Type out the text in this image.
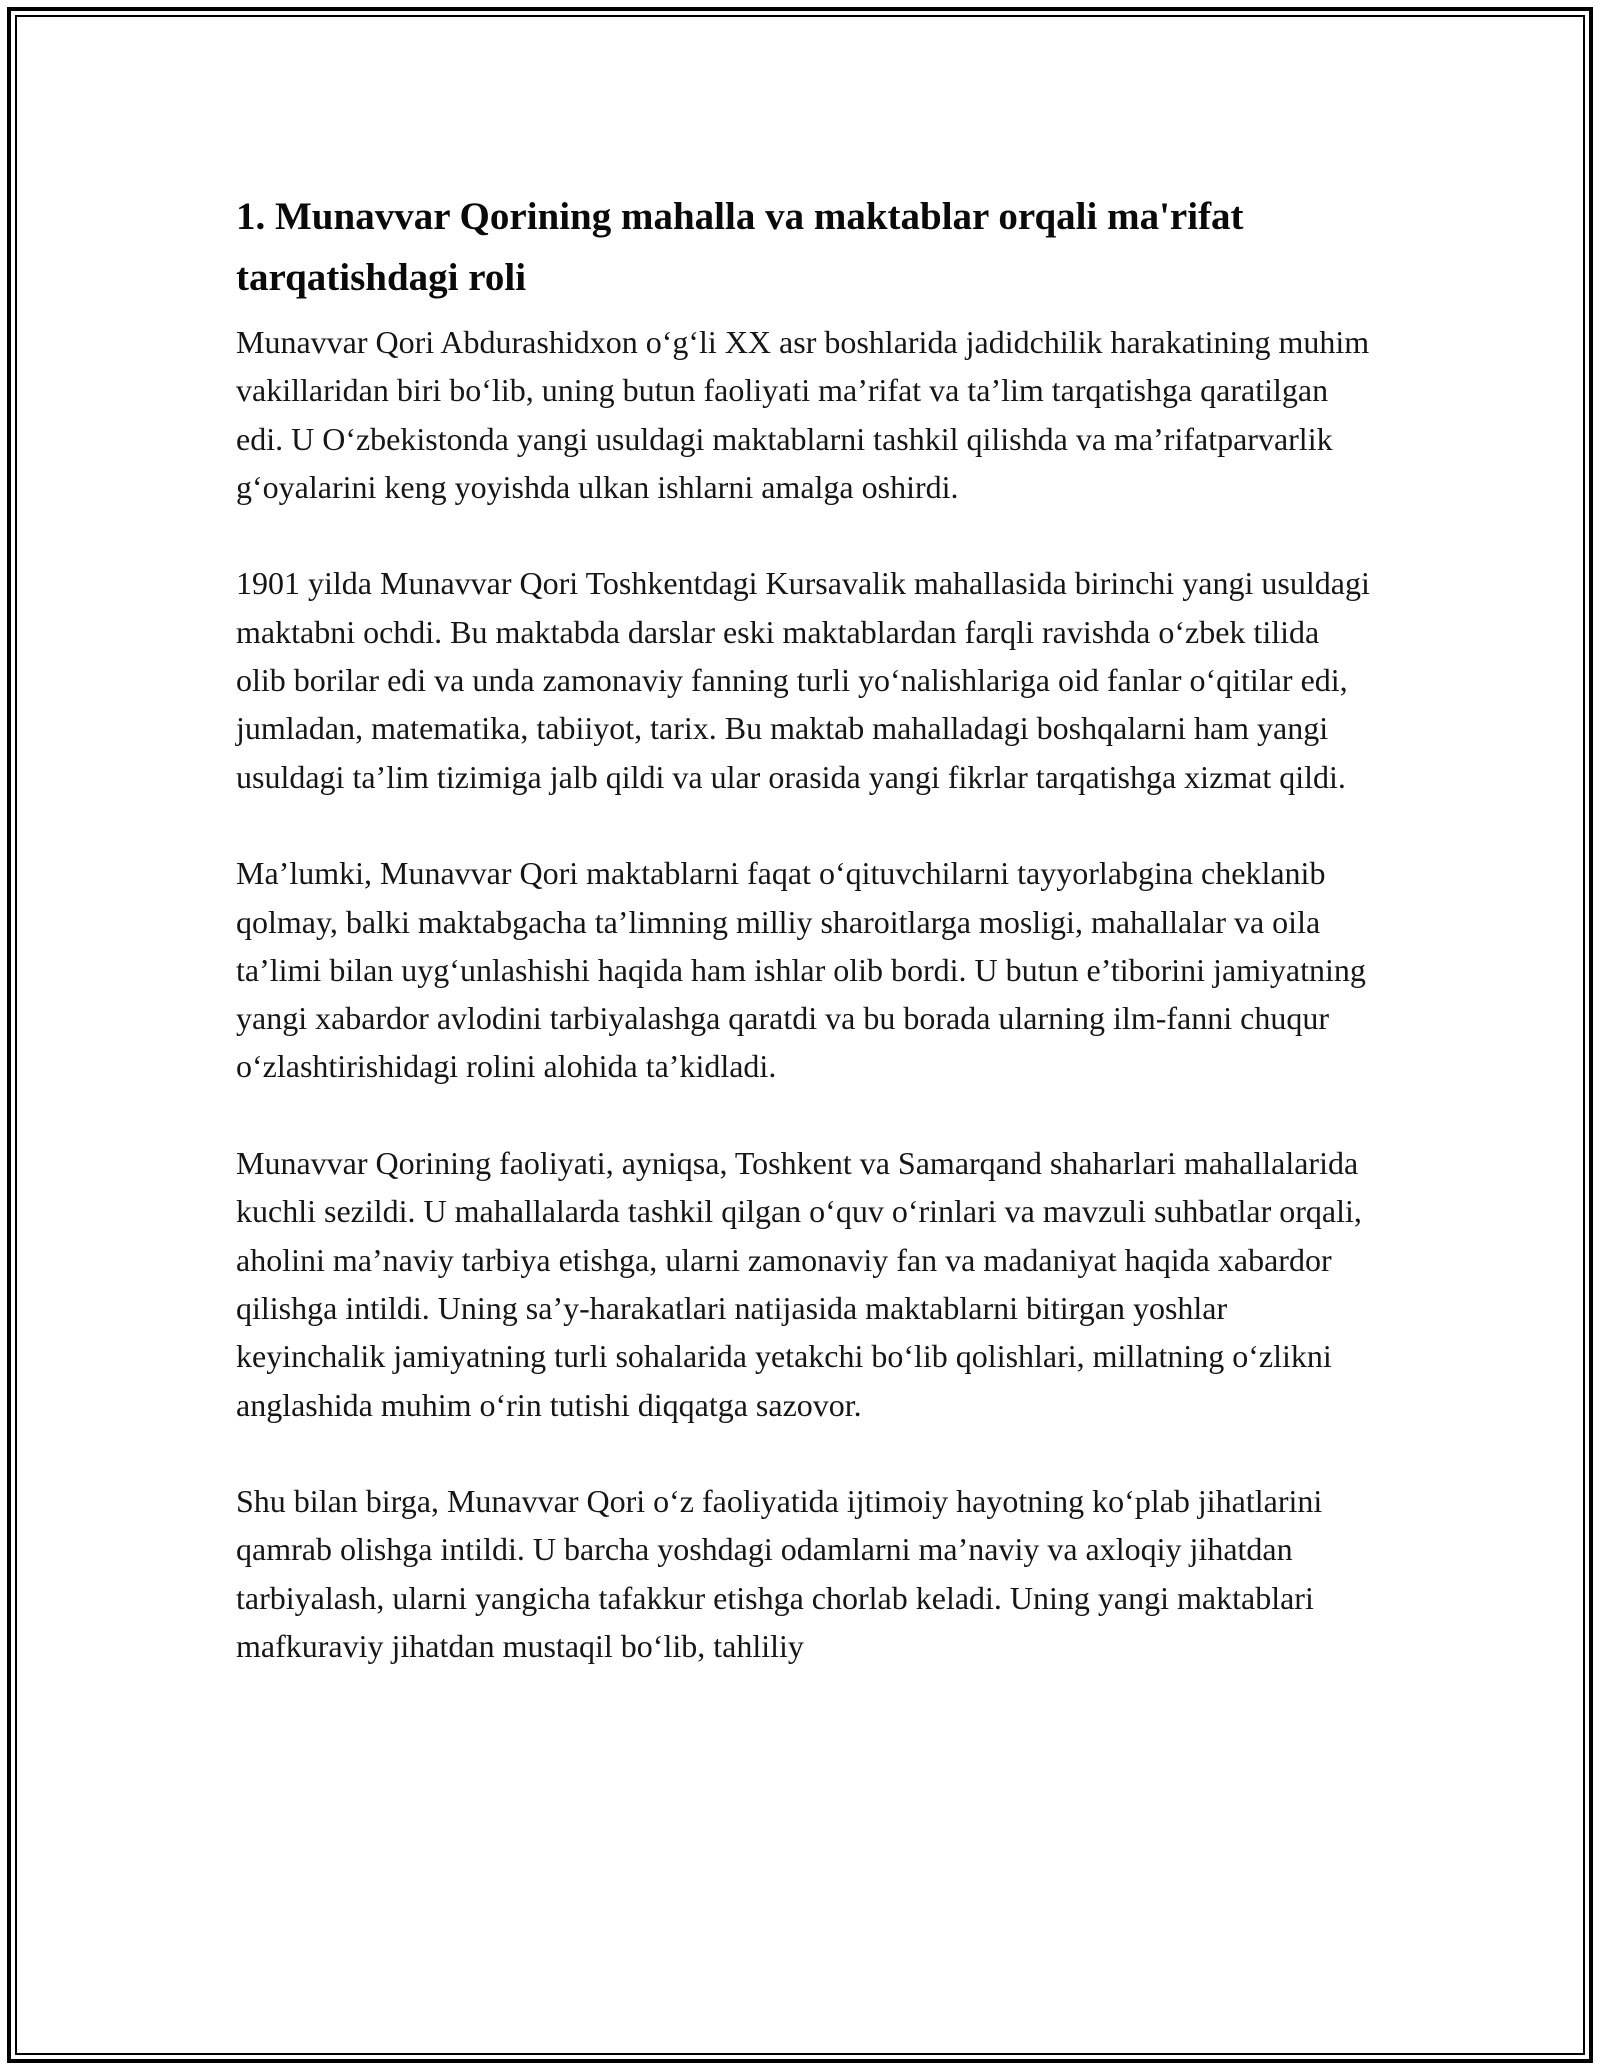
1. Munavvar Qorining mahalla va maktablar orqali ma'rifat tarqatishdagi roli

Munavvar Qori Abdurashidxon o‘g‘li XX asr boshlarida jadidchilik harakatining muhim vakillaridan biri bo‘lib, uning butun faoliyati ma’rifat va ta’lim tarqatishga qaratilgan edi. U O‘zbekistonda yangi usuldagi maktablarni tashkil qilishda va ma’rifatparvarlik g‘oyalarini keng yoyishda ulkan ishlarni amalga oshirdi.

1901 yilda Munavvar Qori Toshkentdagi Kursavalik mahallasida birinchi yangi usuldagi maktabni ochdi. Bu maktabda darslar eski maktablardan farqli ravishda o‘zbek tilida olib borilar edi va unda zamonaviy fanning turli yo‘nalishlariga oid fanlar o‘qitilar edi, jumladan, matematika, tabiiyot, tarix. Bu maktab mahalladagi boshqalarni ham yangi usuldagi ta’lim tizimiga jalb qildi va ular orasida yangi fikrlar tarqatishga xizmat qildi.

Ma’lumki, Munavvar Qori maktablarni faqat o‘qituvchilarni tayyorlabgina cheklanib qolmay, balki maktabgacha ta’limning milliy sharoitlarga mosligi, mahallalar va oila ta’limi bilan uyg‘unlashishi haqida ham ishlar olib bordi. U butun e’tiborini jamiyatning yangi xabardor avlodini tarbiyalashga qaratdi va bu borada ularning ilm-fanni chuqur o‘zlashtirishidagi rolini alohida ta’kidladi.

Munavvar Qorining faoliyati, ayniqsa, Toshkent va Samarqand shaharlari mahallalarida kuchli sezildi. U mahallalarda tashkil qilgan o‘quv o‘rinlari va mavzuli suhbatlar orqali, aholini ma’naviy tarbiya etishga, ularni zamonaviy fan va madaniyat haqida xabardor qilishga intildi. Uning sa’y-harakatlari natijasida maktablarni bitirgan yoshlar keyinchalik jamiyatning turli sohalarida yetakchi bo‘lib qolishlari, millatning o‘zlikni anglashida muhim o‘rin tutishi diqqatga sazovor.

Shu bilan birga, Munavvar Qori o‘z faoliyatida ijtimoiy hayotning ko‘plab jihatlarini qamrab olishga intildi. U barcha yoshdagi odamlarni ma’naviy va axloqiy jihatdan tarbiyalash, ularni yangicha tafakkur etishga chorlab keladi. Uning yangi maktablari mafkuraviy jihatdan mustaqil bo‘lib, tahliliy
